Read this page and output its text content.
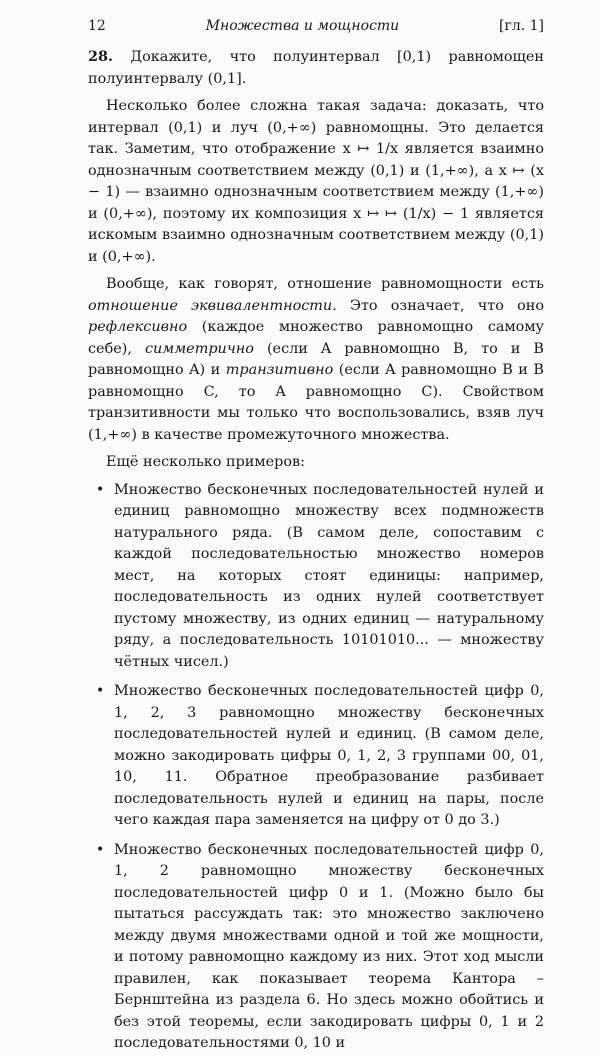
12	Множества и мощности	[гл. 1]

28. Докажите, что полуинтервал [0,1) равномощен полуинтервалу (0,1].

Несколько более сложна такая задача: доказать, что интервал (0,1) и луч (0,+∞) равномощны. Это делается так. Заметим, что отображение x ↦ 1/x является взаимно однозначным соответствием между (0,1) и (1,+∞), а x ↦ (x − 1) — взаимно однозначным соответствием между (1,+∞) и (0,+∞), поэтому их композиция x ↦ ↦ (1/x) − 1 является искомым взаимно однозначным соответствием между (0,1) и (0,+∞).

Вообще, как говорят, отношение равномощности есть отношение эквивалентности. Это означает, что оно рефлексивно (каждое множество равномощно самому себе), симметрично (если A равномощно B, то и B равномощно A) и транзитивно (если A равномощно B и B равномощно C, то A равномощно C). Свойством транзитивности мы только что воспользовались, взяв луч (1,+∞) в качестве промежуточного множества.

Ещё несколько примеров:

• Множество бесконечных последовательностей нулей и единиц равномощно множеству всех подмножеств натурального ряда. (В самом деле, сопоставим с каждой последовательностью множество номеров мест, на которых стоят единицы: например, последовательность из одних нулей соответствует пустому множеству, из одних единиц — натуральному ряду, а последовательность 10101010... — множеству чётных чисел.)
• Множество бесконечных последовательностей цифр 0, 1, 2, 3 равномощно множеству бесконечных последовательностей нулей и единиц. (В самом деле, можно закодировать цифры 0, 1, 2, 3 группами 00, 01, 10, 11. Обратное преобразование разбивает последовательность нулей и единиц на пары, после чего каждая пара заменяется на цифру от 0 до 3.)
• Множество бесконечных последовательностей цифр 0, 1, 2 равномощно множеству бесконечных последовательностей цифр 0 и 1. (Можно было бы пытаться рассуждать так: это множество заключено между двумя множествами одной и той же мощности, и потому равномощно каждому из них. Этот ход мысли правилен, как показывает теорема Кантора – Бернштейна из раздела 6. Но здесь можно обойтись и без этой теоремы, если закодировать цифры 0, 1 и 2 последовательностями 0, 10 и
